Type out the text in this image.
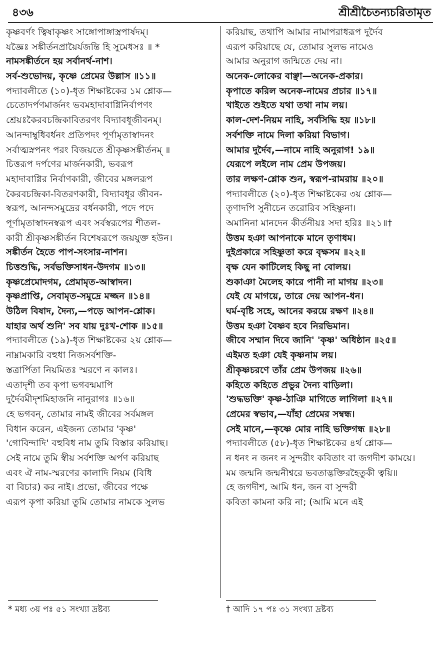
৪৩৬	শ্রীশ্রীচৈতন্যচরিতামৃত
কৃষ্ণবর্ণং ত্বিষাকৃষ্ণং সাঙ্গোপাঙ্গাস্ত্রপার্ষদম্।
যজ্ঞৈঃ সঙ্কীর্তনপ্রায়ৈর্যজন্তি হি সুমেধসঃ ॥ *
নামসঙ্কীর্তনে হয় সর্বানর্থ-নাশ।
সর্ব-শুভোদয়, কৃষ্ণে প্রেমের উল্লাস ॥১১॥
পদ্যাবলীতে (১০)-ধৃত শিক্ষাষ্টকের ১ম শ্লোক—
চেতোদর্পণমার্জনং ভবমহাদাবাগ্নিনির্বাপণং
শ্রেয়ঃকৈরবচন্দ্রিকাবিতরণং বিদ্যাবধূজীবনম্।
আনন্দাম্বুধিবর্ধনং প্রতিপদং পূর্ণামৃতাস্বাদনং
সর্বাত্মস্নপনং পরং বিজয়তে শ্রীকৃষ্ণসঙ্কীর্তনম্ ॥
চিত্তরূপ দর্পণের মার্জনকারী, ভবরূপ
মহাদাবাগ্নির নির্বাণকারী, জীবের মঙ্গলরূপ
কৈরবচন্দ্রিকা-বিতরণকারী, বিদ্যাবধূর জীবন-
স্বরূপ, আনন্দসমুদ্রের বর্ধনকারী, পদে পদে
পূর্ণামৃতাস্বাদনস্বরূপ এবং সর্বস্বরূপের শীতল-
কারী শ্রীকৃষ্ণসঙ্কীর্তন বিশেষরূপে জয়যুক্ত হউন।
সঙ্কীর্তন হৈতে পাপ-সংসার-নাশন।
চিত্তশুদ্ধি, সর্বভক্তিসাধন-উদগম ॥১৩॥
কৃষ্ণপ্রেমোদগম, প্রেমামৃত-আস্বাদন।
কৃষ্ণপ্রাপ্তি, সেবামৃত-সমুদ্রে মজ্জন ॥১৪॥
উঠিল বিষাদ, দৈন্য,—পড়ে আপন-শ্লোক।
যাহার অর্থ শুনি' সব যায় দুঃখ-শোক ॥১৫॥
পদ্যাবলীতে (১৯)-ধৃত শিক্ষাষ্টকের ২য় শ্লোক—
নাম্নামকারি বহুধা নিজসর্বশক্তি-
স্তত্রার্পিতা নিয়মিতঃ স্মরণে ন কালঃ।
এতাদৃশী তব কৃপা ভগবন্মমাপি
দুর্দৈবমীদৃশমিহাজনি নানুরাগঃ ॥১৬॥
হে ভগবন্, তোমার নামই জীবের সর্বমঙ্গল
বিধান করেন, এইজন্য তোমার 'কৃষ্ণ'
'গোবিন্দাদি' বহুবিধ নাম তুমি বিস্তার করিয়াছ।
সেই নামে তুমি স্বীয় সর্বশক্তি অর্পণ করিয়াছ
এবং ঐ নাম-স্মরণের কালাদি নিয়ম (বিধি
বা বিচার) কর নাই। প্রভো, জীবের পক্ষে
এরূপ কৃপা করিয়া তুমি তোমার নামকে সুলভ
করিয়াছ, তথাপি আমার নামাপরাধরূপ দুর্দৈব
এরূপ করিয়াছে যে, তোমার সুলভ নামেও
আমার অনুরাগ জন্মিতে দেয় না।
অনেক-লোকের বাঞ্ছা—অনেক-প্রকার।
কৃপাতে করিল অনেক-নামের প্রচার ॥১৭॥
খাইতে শুইতে যথা তথা নাম লয়।
কাল-দেশ-নিয়ম নাহি, সর্বসিদ্ধি হয় ॥১৮॥
সর্বশক্তি নামে দিলা করিয়া বিভাগ।
আমার দুর্দৈব,—নামে নাহি অনুরাগ! ১৯॥
যেরূপে লইলে নাম প্রেম উপজয়।
তার লক্ষণ-শ্লোক শুন, স্বরূপ-রামরায় ॥২০॥
পদ্যাবলীতে (২০)-ধৃত শিক্ষাষ্টকের ৩য় শ্লোক—
তৃণাদপি সুনীচেন তরোরিব সহিষ্ণুনা।
অমানিনা মানদেন কীর্তনীয়ঃ সদা হরিঃ ॥২১॥†
উত্তম হঞা আপনাকে মানে তৃণাধম।
দুইপ্রকারে সহিষ্ণুতা করে বৃক্ষসম ॥২২॥
বৃক্ষ যেন কাটিলেহ কিছু না বোলয়।
শুকাঞা মৈলেহ কারে পানী না মাগয় ॥২৩॥
যেই যে মাগয়ে, তারে দেয় আপন-ধন।
ঘর্ম-বৃষ্টি সহে, আনের করয়ে রক্ষণ ॥২৪॥
উত্তম হঞা বৈষ্ণব হবে নিরভিমান।
জীবে সম্মান দিবে জানি' 'কৃষ্ণ' অধিষ্ঠান ॥২৫॥
এইমত হঞা যেই কৃষ্ণনাম লয়।
শ্রীকৃষ্ণচরণে তাঁর প্রেম উপজয় ॥২৬॥
কহিতে কহিতে প্রভুর দৈন্য বাড়িলা।
'শুদ্ধভক্তি' কৃষ্ণ-ঠাঞি মাগিতে লাগিলা ॥২৭॥
প্রেমের স্বভাব,—যাঁহা প্রেমের সম্বন্ধ।
সেই মানে,—কৃষ্ণে মোর নাহি ভক্তিগন্ধ ॥২৮॥
পদ্যাবলীতে (৫৮)-ধৃত শিক্ষাষ্টকের ৪র্থ শ্লোক—
ন ধনং ন জনং ন সুন্দরীং কবিতাং বা জগদীশ কাময়ে।
মম জন্মনি জন্মনীশ্বরে ভবতাদ্ভক্তিরহৈতুকী ত্বয়ি॥
হে জগদীশ, আমি ধন, জন বা সুন্দরী
কবিতা কামনা করি না; (আমি মনে এই
* মধ্য ৩য় পঃ ৫১ সংখ্যা দ্রষ্টব্য	† আদি ১৭ পঃ ৩১ সংখ্যা দ্রষ্টব্য
